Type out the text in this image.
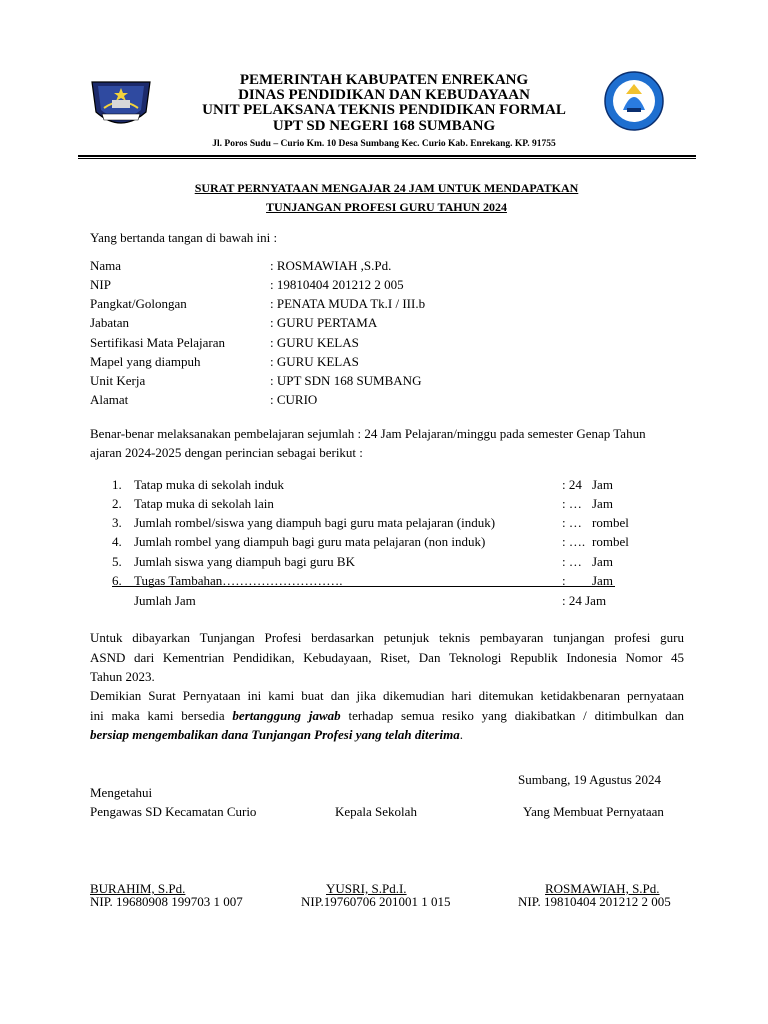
PEMERINTAH KABUPATEN ENREKANG
DINAS PENDIDIKAN DAN KEBUDAYAAN
UNIT PELAKSANA TEKNIS PENDIDIKAN FORMAL
UPT SD NEGERI 168 SUMBANG
Jl. Poros Sudu – Curio Km. 10 Desa Sumbang Kec. Curio Kab. Enrekang. KP. 91755
SURAT PERNYATAAN MENGAJAR 24 JAM UNTUK MENDAPATKAN
TUNJANGAN PROFESI GURU TAHUN 2024
Yang bertanda tangan di bawah ini :
Nama	: ROSMAWIAH ,S.Pd.
NIP	: 19810404 201212 2 005
Pangkat/Golongan	: PENATA MUDA Tk.I / III.b
Jabatan	: GURU PERTAMA
Sertifikasi Mata Pelajaran	: GURU KELAS
Mapel yang diampuh	: GURU KELAS
Unit Kerja	: UPT SDN 168 SUMBANG
Alamat	: CURIO
Benar-benar melaksanakan pembelajaran sejumlah : 24 Jam Pelajaran/minggu pada semester Genap Tahun
ajaran 2024-2025 dengan perincian sebagai berikut :
1. Tatap muka di sekolah induk	: 24 Jam
2. Tatap muka di sekolah lain	: … Jam
3. Jumlah rombel/siswa yang diampuh bagi guru mata pelajaran (induk)	: … rombel
4. Jumlah rombel yang diampuh bagi guru mata pelajaran (non induk)	: …. rombel
5. Jumlah siswa yang diampuh bagi guru BK	: … Jam
6. Tugas Tambahan……………………….	: Jam
Jumlah Jam	: 24 Jam
Untuk dibayarkan Tunjangan Profesi berdasarkan petunjuk teknis pembayaran tunjangan profesi guru
ASND dari Kementrian Pendidikan, Kebudayaan, Riset, Dan Teknologi Republik Indonesia Nomor 45
Tahun 2023.
Demikian Surat Pernyataan ini kami buat dan jika dikemudian hari ditemukan ketidakbenaran pernyataan
ini maka kami bersedia bertanggung jawab terhadap semua resiko yang diakibatkan / ditimbulkan dan
bersiap mengembalikan dana Tunjangan Profesi yang telah diterima.
Sumbang, 19 Agustus 2024
Mengetahui
Pengawas SD Kecamatan Curio	Kepala Sekolah	Yang Membuat Pernyataan
BURAHIM, S.Pd.	YUSRI, S.Pd.I.	ROSMAWIAH, S.Pd.
NIP. 19680908 199703 1 007	NIP.19760706 201001 1 015	NIP. 19810404 201212 2 005
